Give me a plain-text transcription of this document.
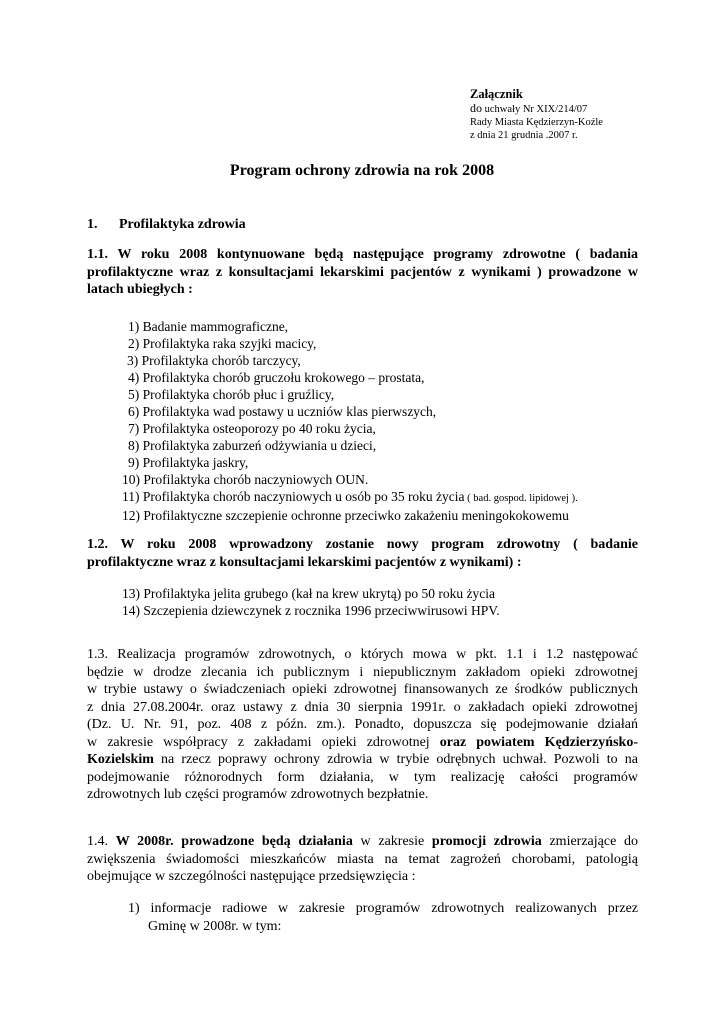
Załącznik
do uchwały Nr XIX/214/07
Rady Miasta Kędzierzyn-Koźle
z dnia 21 grudnia .2007 r.
Program ochrony zdrowia na rok 2008
1. Profilaktyka zdrowia
1.1. W roku 2008 kontynuowane będą następujące programy zdrowotne ( badania
profilaktyczne wraz z konsultacjami lekarskimi pacjentów z wynikami ) prowadzone w
latach ubiegłych :
1) Badanie mammograficzne,
2) Profilaktyka raka szyjki macicy,
3) Profilaktyka chorób tarczycy,
4) Profilaktyka chorób gruczołu krokowego – prostata,
5) Profilaktyka chorób płuc i gruźlicy,
6) Profilaktyka wad postawy u uczniów klas pierwszych,
7) Profilaktyka osteoporozy po 40 roku życia,
8) Profilaktyka zaburzeń odżywiania u dzieci,
9) Profilaktyka jaskry,
10) Profilaktyka chorób naczyniowych OUN.
11) Profilaktyka chorób naczyniowych u osób po 35 roku życia ( bad. gospod. lipidowej ).
12) Profilaktyczne szczepienie ochronne przeciwko zakażeniu meningokokowemu
1.2. W roku 2008 wprowadzony zostanie nowy program zdrowotny ( badanie
profilaktyczne wraz z konsultacjami lekarskimi pacjentów z wynikami) :
13) Profilaktyka jelita grubego (kał na krew ukrytą) po 50 roku życia
14) Szczepienia dziewczynek z rocznika 1996 przeciwwirusowi HPV.
1.3. Realizacja programów zdrowotnych, o których mowa w pkt. 1.1 i 1.2 następować
będzie w drodze zlecania ich publicznym i niepublicznym zakładom opieki zdrowotnej
w trybie ustawy o świadczeniach opieki zdrowotnej finansowanych ze środków publicznych
z dnia 27.08.2004r. oraz ustawy z dnia 30 sierpnia 1991r. o zakładach opieki zdrowotnej
(Dz. U. Nr. 91, poz. 408 z późn. zm.). Ponadto, dopuszcza się podejmowanie działań
w zakresie współpracy z zakładami opieki zdrowotnej oraz powiatem Kędzierzyńsko-
Kozielskim na rzecz poprawy ochrony zdrowia w trybie odrębnych uchwał. Pozwoli to na
podejmowanie różnorodnych form działania, w tym realizację całości programów
zdrowotnych lub części programów zdrowotnych bezpłatnie.
1.4. W 2008r. prowadzone będą działania w zakresie promocji zdrowia zmierzające do
zwiększenia świadomości mieszkańców miasta na temat zagrożeń chorobami, patologią
obejmujące w szczególności następujące przedsięwzięcia :
1) informacje radiowe w zakresie programów zdrowotnych realizowanych przez
Gminę w 2008r. w tym:
